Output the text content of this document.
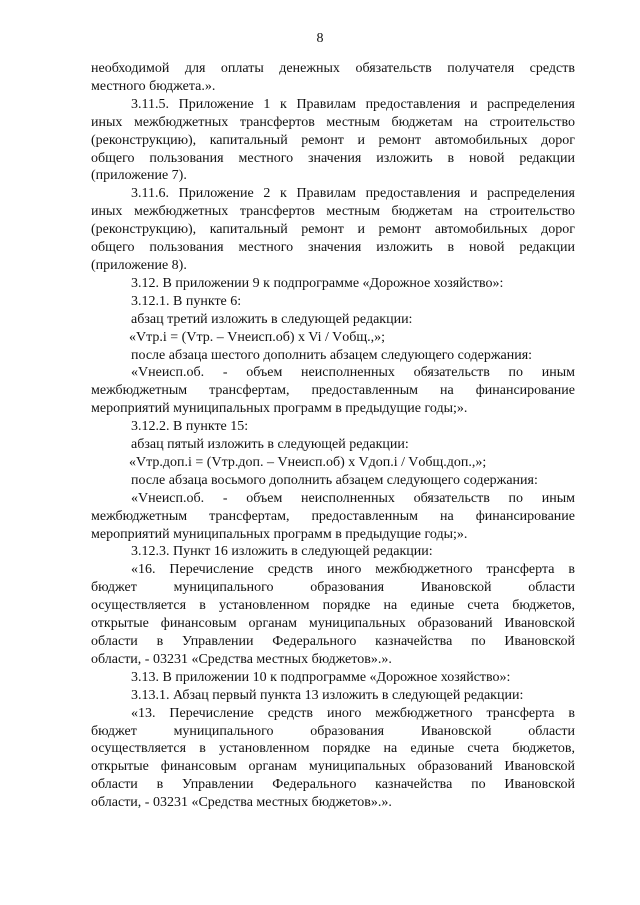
8
необходимой для оплаты денежных обязательств получателя средств
местного бюджета.».
3.11.5. Приложение 1 к Правилам предоставления и распределения
иных межбюджетных трансфертов местным бюджетам на строительство
(реконструкцию), капитальный ремонт и ремонт автомобильных дорог
общего пользования местного значения изложить в новой редакции
(приложение 7).
3.11.6. Приложение 2 к Правилам предоставления и распределения
иных межбюджетных трансфертов местным бюджетам на строительство
(реконструкцию), капитальный ремонт и ремонт автомобильных дорог
общего пользования местного значения изложить в новой редакции
(приложение 8).
3.12. В приложении 9 к подпрограмме «Дорожное хозяйство»:
3.12.1. В пункте 6:
абзац третий изложить в следующей редакции:
«Vтр.i = (Vтр. – Vнеисп.об) x Vi / Vобщ.,»;
после абзаца шестого дополнить абзацем следующего содержания:
«Vнеисп.об. - объем неисполненных обязательств по иным
межбюджетным трансфертам, предоставленным на финансирование
мероприятий муниципальных программ в предыдущие годы;».
3.12.2. В пункте 15:
абзац пятый изложить в следующей редакции:
«Vтр.доп.i = (Vтр.доп. – Vнеисп.об) x Vдоп.i / Vобщ.доп.,»;
после абзаца восьмого дополнить абзацем следующего содержания:
«Vнеисп.об. - объем неисполненных обязательств по иным
межбюджетным трансфертам, предоставленным на финансирование
мероприятий муниципальных программ в предыдущие годы;».
3.12.3. Пункт 16 изложить в следующей редакции:
«16. Перечисление средств иного межбюджетного трансферта в
бюджет муниципального образования Ивановской области
осуществляется в установленном порядке на единые счета бюджетов,
открытые финансовым органам муниципальных образований Ивановской
области в Управлении Федерального казначейства по Ивановской
области, - 03231 «Средства местных бюджетов».».
3.13. В приложении 10 к подпрограмме «Дорожное хозяйство»:
3.13.1. Абзац первый пункта 13 изложить в следующей редакции:
«13. Перечисление средств иного межбюджетного трансферта в
бюджет муниципального образования Ивановской области
осуществляется в установленном порядке на единые счета бюджетов,
открытые финансовым органам муниципальных образований Ивановской
области в Управлении Федерального казначейства по Ивановской
области, - 03231 «Средства местных бюджетов».».
